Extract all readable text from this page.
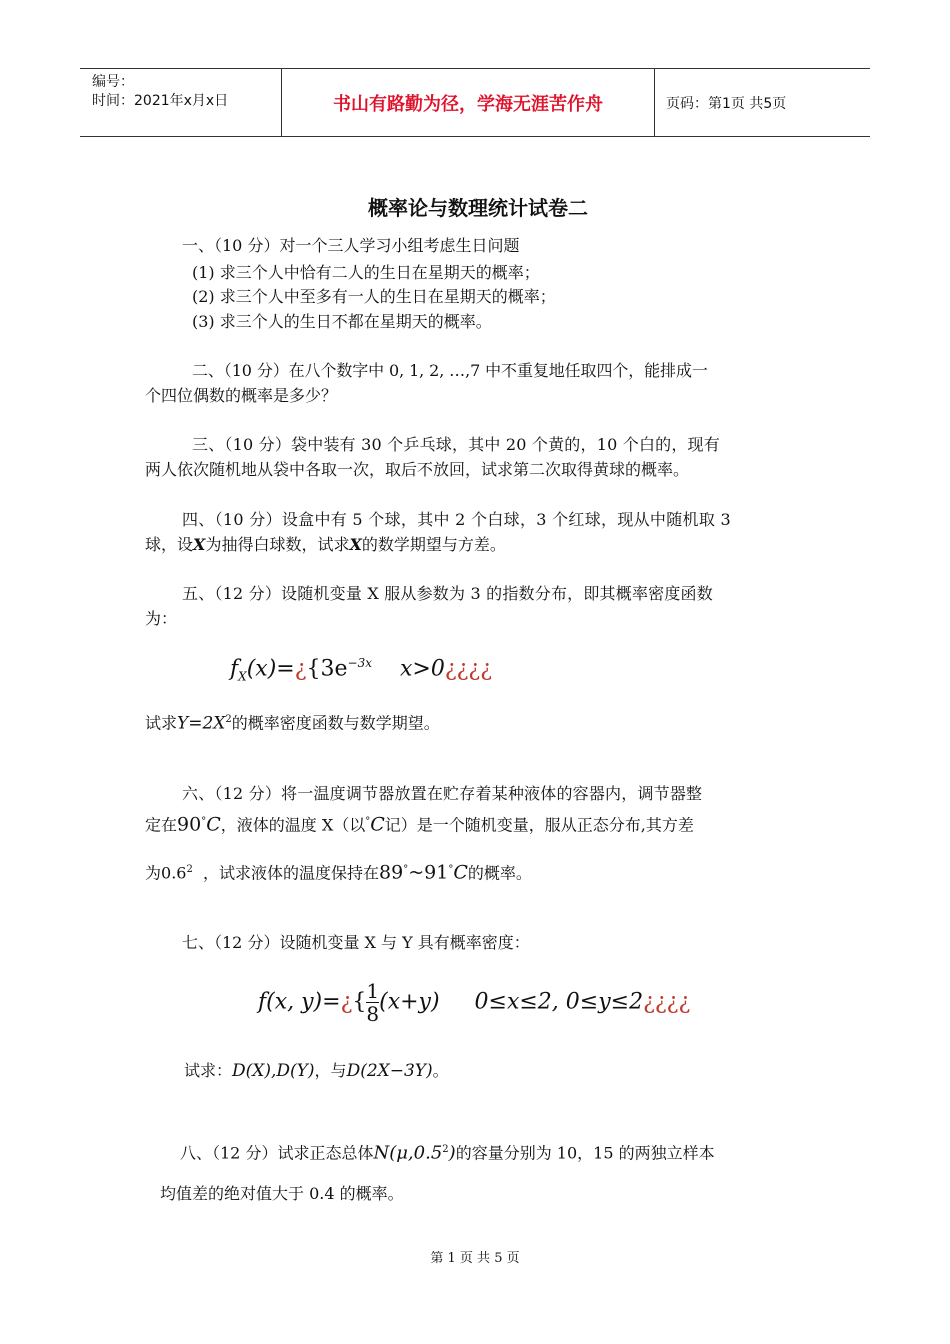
编号：
时间：2021年x月x日	书山有路勤为径，学海无涯苦作舟	页码：第1页 共5页
概率论与数理统计试卷二
一、（10 分）对一个三人学习小组考虑生日问题
(1) 求三个人中恰有二人的生日在星期天的概率；
(2) 求三个人中至多有一人的生日在星期天的概率；
(3) 求三个人的生日不都在星期天的概率。
二、（10 分）在八个数字中 0, 1, 2, …,7 中不重复地任取四个，能排成一
个四位偶数的概率是多少？
三、（10 分）袋中装有 30 个乒乓球，其中 20 个黄的，10 个白的，现有
两人依次随机地从袋中各取一次，取后不放回，试求第二次取得黄球的概率。
四、（10 分）设盒中有 5 个球，其中 2 个白球，3 个红球，现从中随机取 3
球，设X为抽得白球数，试求X的数学期望与方差。
五、（12 分）设随机变量 X 服从参数为 3 的指数分布，即其概率密度函数
为：
$f_X(x)=¿\{3e^{-3x}$ x>0¿¿¿¿
试求$Y=2X^2$的概率密度函数与数学期望。
六、（12 分）将一温度调节器放置在贮存着某种液体的容器内，调节器整
定在90°C，液体的温度 X（以°C记）是一个随机变量，服从正态分布,其方差
为$0.6^2$ ，试求液体的温度保持在89°~91°C的概率。
七、（12 分）设随机变量 X 与 Y 具有概率密度：
f(x, y)=¿{ $\frac{1}{8} (x+y)$ 0≤x≤2, 0≤y≤2¿¿¿¿
试求：D(X),D(Y)，与D(2X−3Y)。
八、（12 分）试求正态总体N(μ,0.5$^2$)的容量分别为 10，15 的两独立样本
均值差的绝对值大于 0.4 的概率。
第 1 页 共 5 页
